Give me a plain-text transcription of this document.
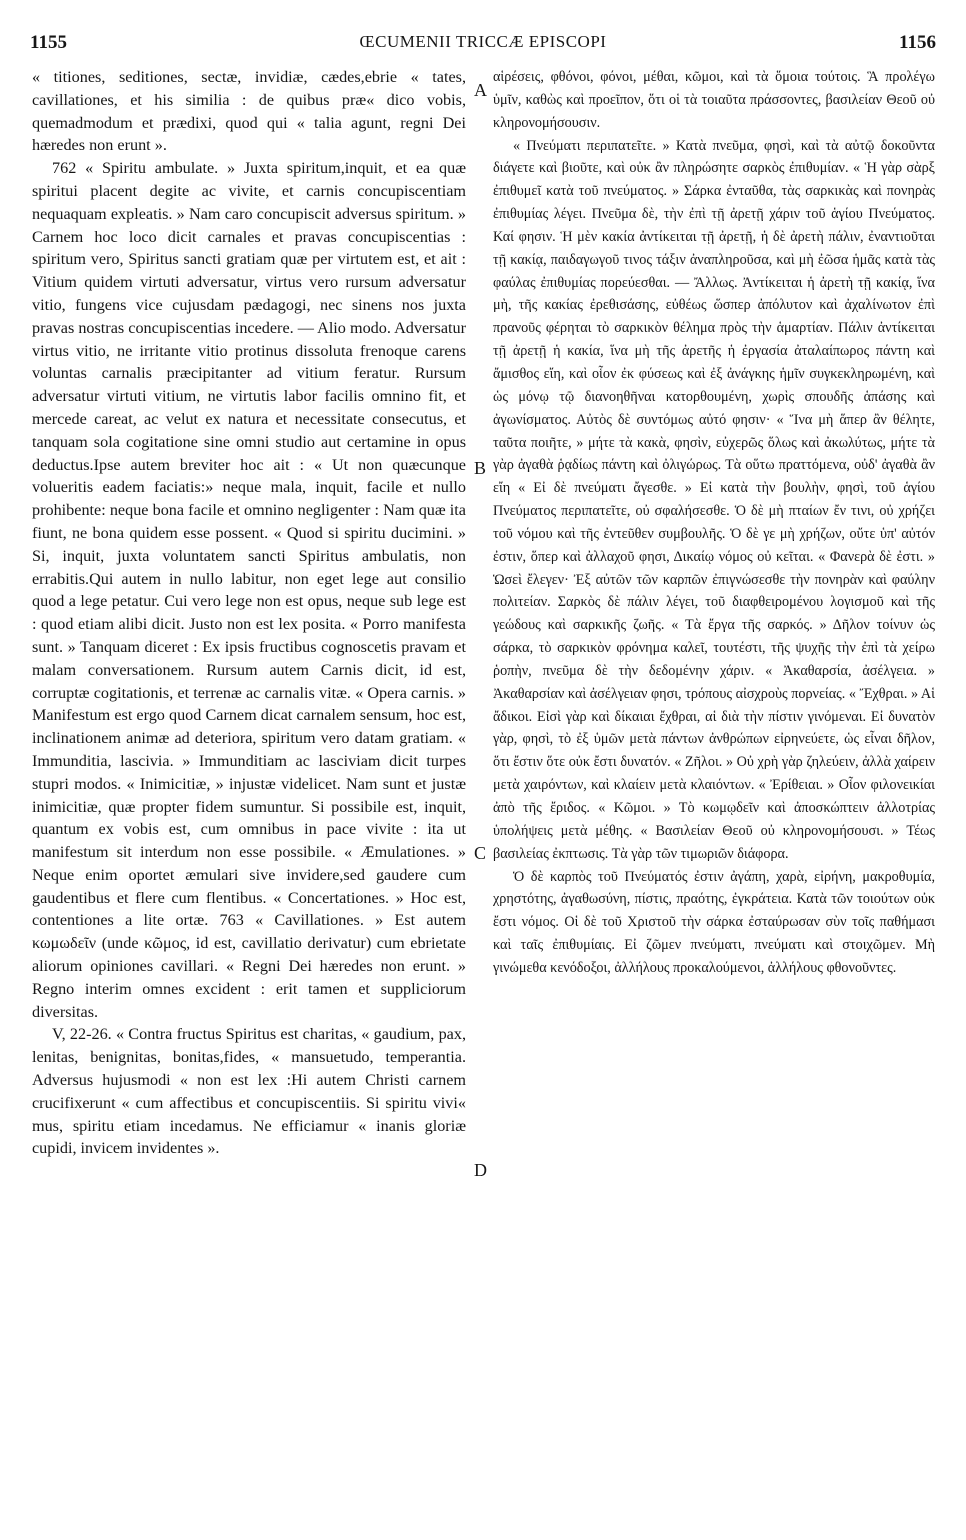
1155	ŒCUMENII TRICCÆ EPISCOPI	1156

« titiones, seditiones, sectæ, invidiæ, cædes,ebrie « tates, cavillationes, et his similia : de quibus præ« dico vobis, quemadmodum et prædixi, quod qui « talia agunt, regni Dei hæredes non erunt ».

762 « Spiritu ambulate. » Juxta spiritum,inquit, et ea quæ spiritui placent degite ac vivite, et carnis concupiscentiam nequaquam expleatis. » Nam caro concupiscit adversus spiritum. » Carnem hoc loco dicit carnales et pravas concupiscentias : spiritum vero, Spiritus sancti gratiam quæ per virtutem est, et ait : Vitium quidem virtuti adversatur, virtus vero rursum adversatur vitio, fungens vice cujusdam pædagogi, nec sinens nos juxta pravas nostras concupiscentias incedere. — Alio modo. Adversatur virtus vitio, ne irritante vitio protinus dissoluta frenoque carens voluntas carnalis præcipitanter ad vitium feratur. Rursum adversatur virtuti vitium, ne virtutis labor facilis omnino fit, et mercede careat, ac velut ex natura et necessitate consecutus, et tanquam sola cogitatione sine omni studio aut certamine in opus deductus.Ipse autem breviter hoc ait : « Ut non quæcunque volueritis eadem faciatis:» neque mala, inquit, facile et nullo prohibente: neque bona facile et omnino negligenter : Nam quæ ita fiunt, ne bona quidem esse possent. « Quod si spiritu ducimini. » Si, inquit, juxta voluntatem sancti Spiritus ambulatis, non errabitis.Qui autem in nullo labitur, non eget lege aut consilio quod a lege petatur. Cui vero lege non est opus, neque sub lege est : quod etiam alibi dicit. Justo non est lex posita. « Porro manifesta sunt. » Tanquam diceret : Ex ipsis fructibus cognoscetis pravam et malam conversationem. Rursum autem Carnis dicit, id est, corruptæ cogitationis, et terrenæ ac carnalis vitæ. « Opera carnis. » Manifestum est ergo quod Carnem dicat carnalem sensum, hoc est, inclinationem animæ ad deteriora, spiritum vero datam gratiam. « Immunditia, lascivia. » Immunditiam ac lasciviam dicit turpes stupri modos. « Inimicitiæ, » injustæ videlicet. Nam sunt et justæ inimicitiæ, quæ propter fidem sumuntur. Si possibile est, inquit, quantum ex vobis est, cum omnibus in pace vivite : ita ut manifestum sit interdum non esse possibile. « Æmulationes. » Neque enim oportet æmulari sive invidere,sed gaudere cum gaudentibus et flere cum flentibus. « Concertationes. » Hoc est, contentiones a lite ortæ. 763 « Cavillationes. » Est autem κωμωδεῖν (unde κῶμος, id est, cavillatio derivatur) cum ebrietate aliorum opiniones cavillari. « Regni Dei hæredes non erunt. » Regno interim omnes excident : erit tamen et suppliciorum diversitas.

V, 22-26. « Contra fructus Spiritus est charitas, « gaudium, pax, lenitas, benignitas, bonitas,fides, « mansuetudo, temperantia. Adversus hujusmodi « non est lex :Hi autem Christi carnem crucifixerunt « cum affectibus et concupiscentiis. Si spiritu vivi« mus, spiritu etiam incedamus. Ne efficiamur « inanis gloriæ cupidi, invicem invidentes ».

A
B
C
D

αἱρέσεις, φθόνοι, φόνοι, μέθαι, κῶμοι, καὶ τὰ ὅμοια τούτοις. Ἃ προλέγω ὑμῖν, καθὼς καὶ προεῖπον, ὅτι οἱ τὰ τοιαῦτα πράσσοντες, βασιλείαν Θεοῦ οὐ κληρονομήσουσιν.

« Πνεύματι περιπατεῖτε. » Κατὰ πνεῦμα, φησὶ, καὶ τὰ αὐτῷ δοκοῦντα διάγετε καὶ βιοῦτε, καὶ οὐκ ἂν πληρώσητε σαρκὸς ἐπιθυμίαν. « Ἡ γὰρ σὰρξ ἐπιθυμεῖ κατὰ τοῦ πνεύματος. » Σάρκα ἐνταῦθα, τὰς σαρκικὰς καὶ πονηρὰς ἐπιθυμίας λέγει. Πνεῦμα δὲ, τὴν ἐπὶ τῇ ἀρετῇ χάριν τοῦ ἁγίου Πνεύματος. Καί φησιν. Ἡ μὲν κακία ἀντίκειται τῇ ἀρετῇ, ἡ δὲ ἀρετὴ πάλιν, ἐναντιοῦται τῇ κακίᾳ, παιδαγωγοῦ τινος τάξιν ἀναπληροῦσα, καὶ μὴ ἐῶσα ἡμᾶς κατὰ τὰς φαύλας ἐπιθυμίας πορεύεσθαι. — Ἄλλως. Ἀντίκειται ἡ ἀρετὴ τῇ κακίᾳ, ἵνα μὴ, τῆς κακίας ἐρεθισάσης, εὐθέως ὥσπερ ἀπόλυτον καὶ ἀχαλίνωτον ἐπὶ πρανοῦς φέρηται τὸ σαρκικὸν θέλημα πρὸς τὴν ἁμαρτίαν. Πάλιν ἀντίκειται τῇ ἀρετῇ ἡ κακία, ἵνα μὴ τῆς ἀρετῆς ἡ ἐργασία ἀταλαίπωρος πάντη καὶ ἄμισθος εἴη, καὶ οἷον ἐκ φύσεως καὶ ἐξ ἀνάγκης ἡμῖν συγκεκληρωμένη, καὶ ὡς μόνῳ τῷ διανοηθῆναι κατορθουμένη, χωρὶς σπουδῆς ἁπάσης καὶ ἀγωνίσματος. Αὐτὸς δὲ συντόμως αὐτό φησιν· « Ἵνα μὴ ἅπερ ἂν θέλητε, ταῦτα ποιῆτε, » μήτε τὰ κακὰ, φησὶν, εὐχερῶς ὅλως καὶ ἀκωλύτως, μήτε τὰ γὰρ ἀγαθὰ ῥᾳδίως πάντη καὶ ὀλιγώρως. Τὰ οὕτω πραττόμενα, οὐδ' ἀγαθὰ ἂν εἴη « Εἰ δὲ πνεύματι ἄγεσθε. » Εἰ κατὰ τὴν βουλὴν, φησὶ, τοῦ ἁγίου Πνεύματος περιπατεῖτε, οὐ σφαλήσεσθε. Ὁ δὲ μὴ πταίων ἔν τινι, οὐ χρήζει τοῦ νόμου καὶ τῆς ἐντεῦθεν συμβουλῆς. Ὁ δὲ γε μὴ χρήζων, οὔτε ὑπ' αὐτόν ἐστιν, ὅπερ καὶ ἀλλαχοῦ φησι, Δικαίῳ νόμος οὐ κεῖται. « Φανερὰ δὲ ἐστι. » Ὡσεὶ ἔλεγεν· Ἐξ αὐτῶν τῶν καρπῶν ἐπιγνώσεσθε τὴν πονηρὰν καὶ φαύλην πολιτείαν. Σαρκὸς δὲ πάλιν λέγει, τοῦ διαφθειρομένου λογισμοῦ καὶ τῆς γεώδους καὶ σαρκικῆς ζωῆς. « Τὰ ἔργα τῆς σαρκός. » Δῆλον τοίνυν ὡς σάρκα, τὸ σαρκικὸν φρόνημα καλεῖ, τουτέστι, τῆς ψυχῆς τὴν ἐπὶ τὰ χείρω ῥοπὴν, πνεῦμα δὲ τὴν δεδομένην χάριν. « Ἀκαθαρσία, ἀσέλγεια. » Ἀκαθαρσίαν καὶ ἀσέλγειαν φησι, τρόπους αἰσχροὺς πορνείας. « Ἔχθραι. » Αἱ ἄδικοι. Εἰσὶ γὰρ καὶ δίκαιαι ἔχθραι, αἱ διὰ τὴν πίστιν γινόμεναι. Εἰ δυνατὸν γὰρ, φησὶ, τὸ ἐξ ὑμῶν μετὰ πάντων ἀνθρώπων εἰρηνεύετε, ὡς εἶναι δῆλον, ὅτι ἔστιν ὅτε οὐκ ἔστι δυνατόν. « Ζῆλοι. » Οὐ χρὴ γὰρ ζηλεύειν, ἀλλὰ χαίρειν μετὰ χαιρόντων, καὶ κλαίειν μετὰ κλαιόντων. « Ἐρίθειαι. » Οἷον φιλονεικίαι ἀπὸ τῆς ἔριδος. « Κῶμοι. » Τὸ κωμῳδεῖν καὶ ἀποσκώπτειν ἀλλοτρίας ὑπολήψεις μετὰ μέθης. « Βασιλείαν Θεοῦ οὐ κληρονομήσουσι. » Τέως βασιλείας ἐκπτωσις. Τὰ γὰρ τῶν τιμωριῶν διάφορα.

Ὁ δὲ καρπὸς τοῦ Πνεύματός ἐστιν ἀγάπη, χαρὰ, εἰρήνη, μακροθυμία, χρηστότης, ἀγαθωσύνη, πίστις, πραότης, ἐγκράτεια. Κατὰ τῶν τοιούτων οὐκ ἔστι νόμος. Οἱ δὲ τοῦ Χριστοῦ τὴν σάρκα ἐσταύρωσαν σὺν τοῖς παθήμασι καὶ ταῖς ἐπιθυμίαις. Εἰ ζῶμεν πνεύματι, πνεύματι καὶ στοιχῶμεν. Μὴ γινώμεθα κενόδοξοι, ἀλλήλους προκαλούμενοι, ἀλλήλους φθονοῦντες.
